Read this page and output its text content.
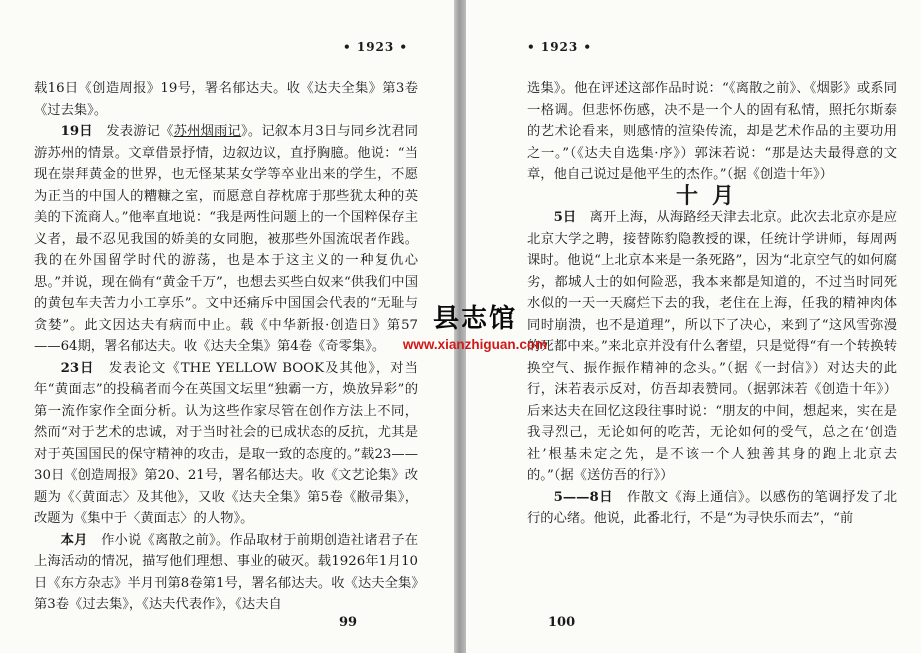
• 1923 •

载16日《创造周报》19号，署名郁达夫。收《达夫全集》第3卷《过去集》。

19日　发表游记《苏州烟雨记》。记叙本月3日与同乡沈君同游苏州的情景。文章借景抒情，边叙边议，直抒胸臆。他说：“当现在崇拜黄金的世界，也无怪某某女学等卒业出来的学生，不愿为正当的中国人的糟糠之室，而愿意自荐枕席于那些犹太种的英美的下流商人。”他率直地说：“我是两性问题上的一个国粹保存主义者，最不忍见我国的娇美的女同胞，被那些外国流氓者作践。我的在外国留学时代的游荡，也是本于这主义的一种复仇心思。”并说，现在倘有“黄金千万”，也想去买些白奴来“供我们中国的黄包车夫苦力小工享乐”。文中还痛斥中国国会代表的“无耻与贪婪”。此文因达夫有病而中止。载《中华新报·创造日》第57——64期，署名郁达夫。收《达夫全集》第4卷《奇零集》。

23日　发表论文《THE YELLOW BOOK及其他》，对当年“黄面志”的投稿者而今在英国文坛里“独霸一方，焕放异彩”的第一流作家作全面分析。认为这些作家尽管在创作方法上不同，然而“对于艺术的忠诚，对于当时社会的已成状态的反抗，尤其是对于英国国民的保守精神的攻击，是取一致的态度的。”载23——30日《创造周报》第20、21号，署名郁达夫。收《文艺论集》改题为《〈黄面志〉及其他》，又收《达夫全集》第5卷《敝帚集》，改题为《集中于〈黄面志〉的人物》。

本月　作小说《离散之前》。作品取材于前期创造社诸君子在上海活动的情况，描写他们理想、事业的破灭。载1926年1月10日《东方杂志》半月刊第8卷第1号，署名郁达夫。收《达夫全集》第3卷《过去集》，《达夫代表作》，《达夫自

99
• 1923 •

选集》。他在评述这部作品时说：“《离散之前》、《烟影》或系同一格调。但悲怀伤感，决不是一个人的固有私情，照托尔斯泰的艺术论看来，则感情的渲染传流，却是艺术作品的主要功用之一。”（《达夫自选集·序》）郭沫若说：“那是达夫最得意的文章，他自己说过是他平生的杰作。”（据《创造十年》）

十月

5日　离开上海，从海路经天津去北京。此次去北京亦是应北京大学之聘，接替陈豹隐教授的课，任统计学讲师，每周两课时。他说“上北京本来是一条死路”，因为“北京空气的如何腐劣，都城人士的如何险恶，我本来都是知道的，不过当时同死水似的一天一天腐烂下去的我，老住在上海，任我的精神肉体同时崩溃，也不是道理”，所以下了决心，来到了“这风雪弥漫的死都中来。”来北京并没有什么奢望，只是觉得“有一个转换转换空气、振作振作精神的念头。”（据《一封信》）对达夫的此行，沫若表示反对，仿吾却表赞同。（据郭沫若《创造十年》）后来达夫在回忆这段往事时说：“朋友的中间，想起来，实在是我寻烈己，无论如何的吃苦，无论如何的受气，总之在‘创造社’根基未定之先，是不该一个人独善其身的跑上北京去的。”（据《送仿吾的行》）

5——8日　作散文《海上通信》。以感伤的笔调抒发了北行的心绪。他说，此番北行，不是“为寻快乐而去”，“前

100
县志馆
www.xianzhiguan.com
